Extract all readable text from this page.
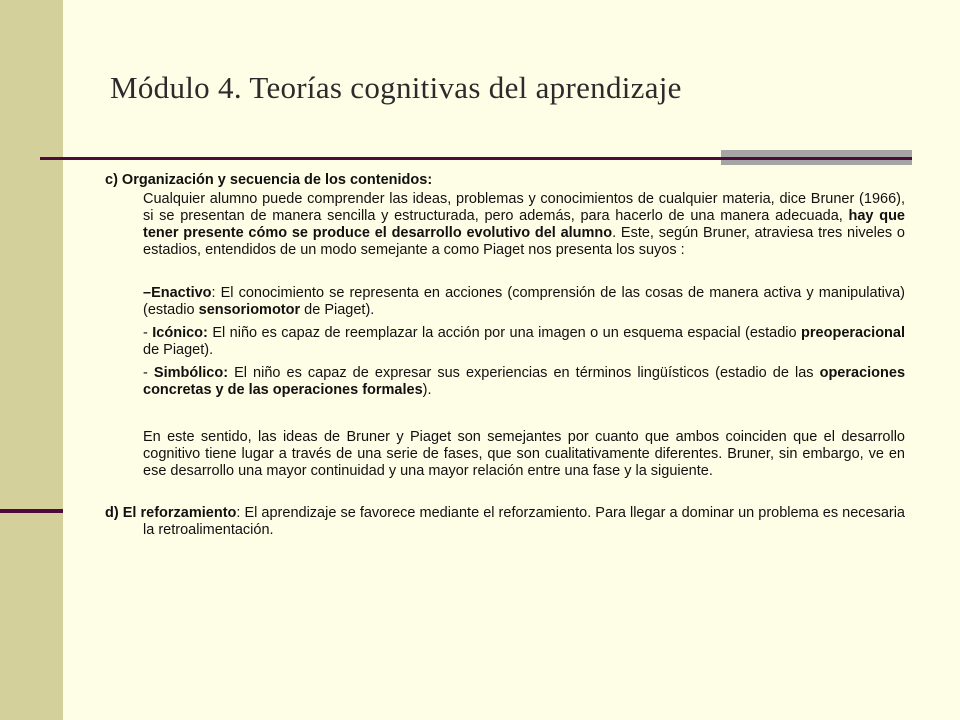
Módulo 4. Teorías cognitivas del aprendizaje

c) Organización y secuencia de los contenidos:

Cualquier alumno puede comprender las ideas, problemas y conocimientos de cualquier materia, dice Bruner (1966), si se presentan de manera sencilla y estructurada, pero además, para hacerlo de una manera adecuada, hay que tener presente cómo se produce el desarrollo evolutivo del alumno. Este, según Bruner, atraviesa tres niveles o estadios, entendidos de un modo semejante a como Piaget nos presenta los suyos :

–Enactivo: El conocimiento se representa en acciones (comprensión de las cosas de manera activa y manipulativa) (estadio sensoriomotor de Piaget).

- Icónico: El niño es capaz de reemplazar la acción por una imagen o un esquema espacial (estadio preoperacional de Piaget).

- Simbólico: El niño es capaz de expresar sus experiencias en términos lingüísticos (estadio de las operaciones concretas y de las operaciones formales).

En este sentido, las ideas de Bruner y Piaget son semejantes por cuanto que ambos coinciden que el desarrollo cognitivo tiene lugar a través de una serie de fases, que son cualitativamente diferentes. Bruner, sin embargo, ve en ese desarrollo una mayor continuidad y una mayor relación entre una fase y la siguiente.

d) El reforzamiento: El aprendizaje se favorece mediante el reforzamiento. Para llegar a dominar un problema es necesaria la retroalimentación.
